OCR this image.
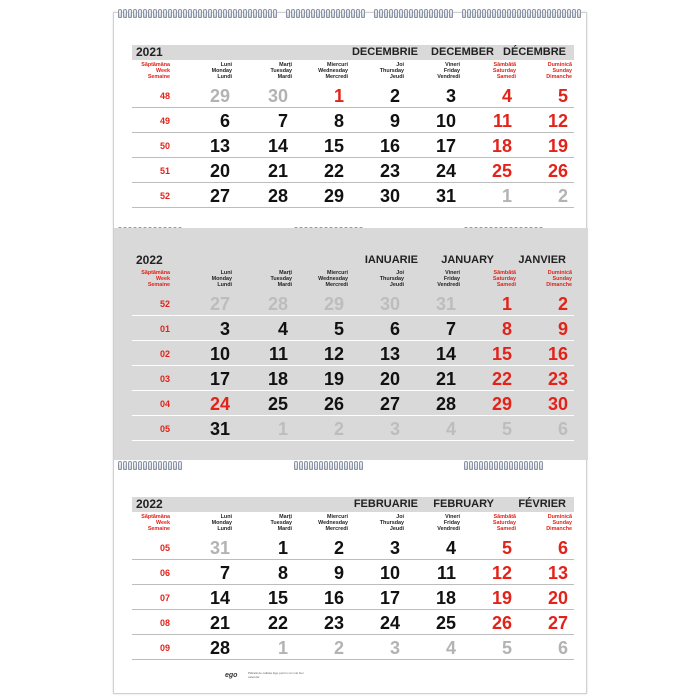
2021	DECEMBRIE	DECEMBER DÉCEMBRE
Săptămâna
Week
Semaine
Luni
Monday
Lundi
Marţi
Tuesday
Mardi
Miercuri
Wednesday
Mercredi
Joi
Thursday
Jeudi
Vineri
Friday
Vendredi
Sâmbătă
Saturday
Samedi
Duminică
Sunday
Dimanche
48	29	30	1	2	3	4	5
49	6	7	8	9	10	11	12
50	13	14	15	16	17	18	19
51	20	21	22	23	24	25	26
52	27	28	29	30	31	1	2
2022	IANUARIE	JANUARY	JANVIER
Săptămâna
Week
Semaine
Luni
Monday
Lundi
Marţi
Tuesday
Mardi
Miercuri
Wednesday
Mercredi
Joi
Thursday
Jeudi
Vineri
Friday
Vendredi
Sâmbătă
Saturday
Samedi
Duminică
Sunday
Dimanche
52	27	28	29	30	31	1	2
01	3	4	5	6	7	8	9
02	10	11	12	13	14	15	16
03	17	18	19	20	21	22	23
04	24	25	26	27	28	29	30
05	31	1	2	3	4	5	6
2022	FEBRUARIE	FEBRUARY	FÉVRIER
Săptămâna
Week
Semaine
Luni
Monday
Lundi
Marţi
Tuesday
Mardi
Miercuri
Wednesday
Mercredi
Joi
Thursday
Jeudi
Vineri
Friday
Vendredi
Sâmbătă
Saturday
Samedi
Duminică
Sunday
Dimanche
05	31	1	2	3	4	5	6
06	7	8	9	10	11	12	13
07	14	15	16	17	18	19	20
08	21	22	23	24	25	26	27
09	28	1	2	3	4	5	6
ego	Pătrată de calitate Ego pentru cel mai bun calendar
